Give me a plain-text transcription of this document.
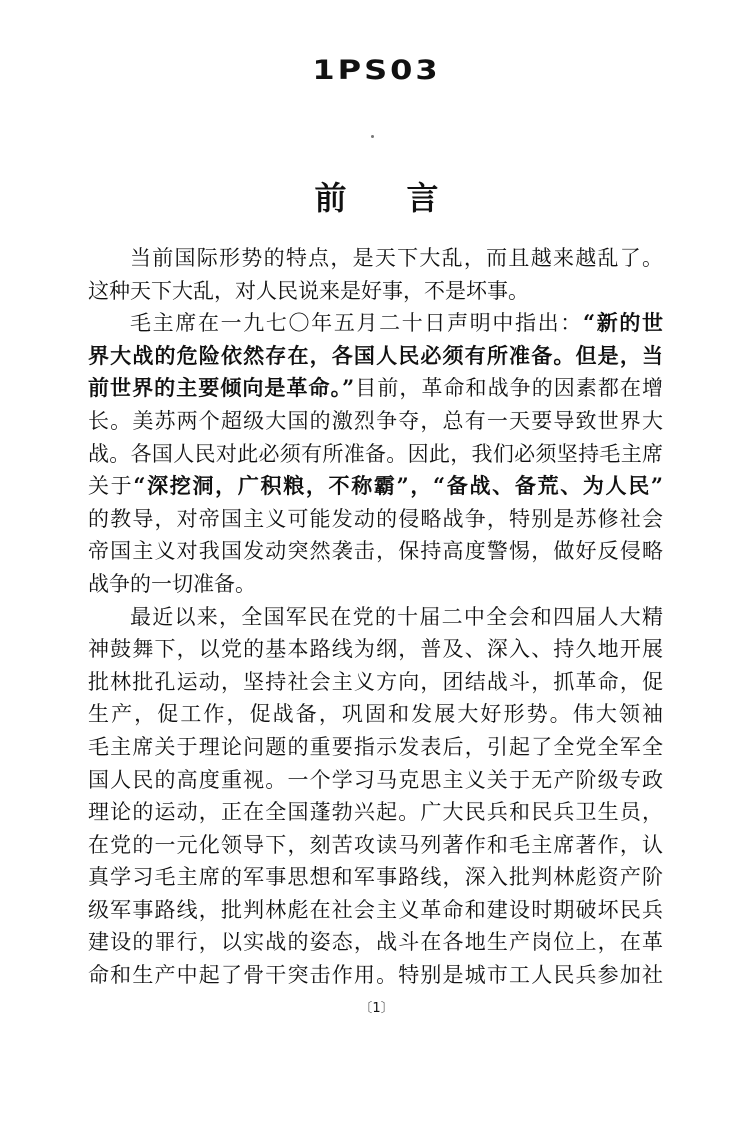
1PS03
前 言
当前国际形势的特点，是天下大乱，而且越来越乱了。
这种天下大乱，对人民说来是好事，不是坏事。
毛主席在一九七〇年五月二十日声明中指出：“新的世
界大战的危险依然存在，各国人民必须有所准备。但是，当
前世界的主要倾向是革命。”目前，革命和战争的因素都在增
长。美苏两个超级大国的激烈争夺，总有一天要导致世界大
战。各国人民对此必须有所准备。因此，我们必须坚持毛主席
关于“深挖洞，广积粮，不称霸”，“备战、备荒、为人民”
的教导，对帝国主义可能发动的侵略战争，特别是苏修社会
帝国主义对我国发动突然袭击，保持高度警惕，做好反侵略
战争的一切准备。
最近以来，全国军民在党的十届二中全会和四届人大精
神鼓舞下，以党的基本路线为纲，普及、深入、持久地开展
批林批孔运动，坚持社会主义方向，团结战斗，抓革命，促
生产，促工作，促战备，巩固和发展大好形势。伟大领袖
毛主席关于理论问题的重要指示发表后，引起了全党全军全
国人民的高度重视。一个学习马克思主义关于无产阶级专政
理论的运动，正在全国蓬勃兴起。广大民兵和民兵卫生员，
在党的一元化领导下，刻苦攻读马列著作和毛主席著作，认
真学习毛主席的军事思想和军事路线，深入批判林彪资产阶
级军事路线，批判林彪在社会主义革命和建设时期破坏民兵
建设的罪行，以实战的姿态，战斗在各地生产岗位上，在革
命和生产中起了骨干突击作用。特别是城市工人民兵参加社
〔1〕
